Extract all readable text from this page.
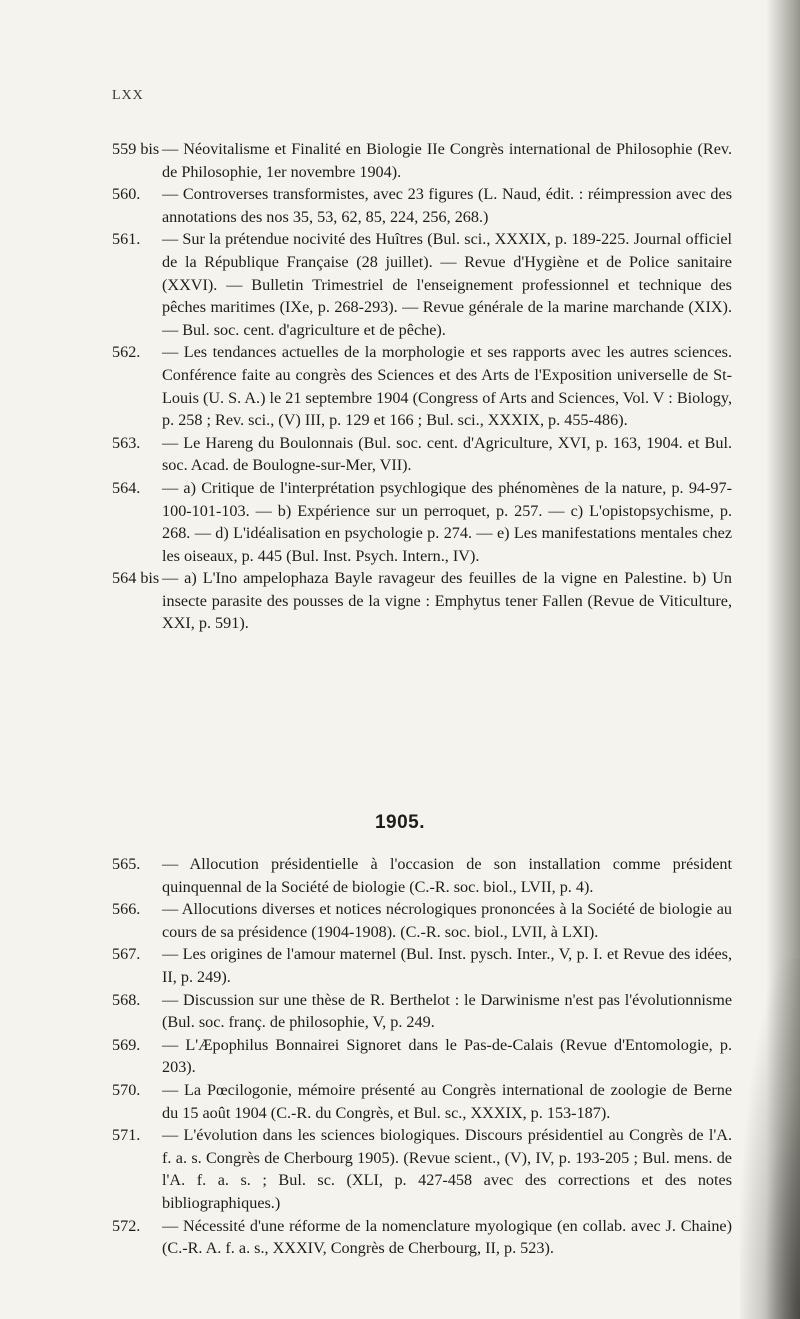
LXX
559 bis — Néovitalisme et Finalité en Biologie IIe Congrès international de Philosophie (Rev. de Philosophie, 1er novembre 1904).
560. — Controverses transformistes, avec 23 figures (L. Naud, édit. : réimpression avec des annotations des nos 35, 53, 62, 85, 224, 256, 268.)
561. — Sur la prétendue nocivité des Huîtres (Bul. sci., XXXIX, p. 189-225. Journal officiel de la République Française (28 juillet). — Revue d'Hygiène et de Police sanitaire (XXVI). — Bulletin Trimestriel de l'enseignement professionnel et technique des pêches maritimes (IXe, p. 268-293). — Revue générale de la marine marchande (XIX). — Bul. soc. cent. d'agriculture et de pêche).
562. — Les tendances actuelles de la morphologie et ses rapports avec les autres sciences. Conférence faite au congrès des Sciences et des Arts de l'Exposition universelle de St-Louis (U. S. A.) le 21 septembre 1904 (Congress of Arts and Sciences, Vol. V : Biology, p. 258 ; Rev. sci., (V) III, p. 129 et 166 ; Bul. sci., XXXIX, p. 455-486).
563. — Le Hareng du Boulonnais (Bul. soc. cent. d'Agriculture, XVI, p. 163, 1904. et Bul. soc. Acad. de Boulogne-sur-Mer, VII).
564. — a) Critique de l'interprétation psychlogique des phénomènes de la nature, p. 94-97-100-101-103. — b) Expérience sur un perroquet, p. 257. — c) L'opistopsychisme, p. 268. — d) L'idéalisation en psychologie p. 274. — e) Les manifestations mentales chez les oiseaux, p. 445 (Bul. Inst. Psych. Intern., IV).
564 bis — a) L'Ino ampelophaza Bayle ravageur des feuilles de la vigne en Palestine. b) Un insecte parasite des pousses de la vigne : Emphytus tener Fallen (Revue de Viticulture, XXI, p. 591).
1905.
565. — Allocution présidentielle à l'occasion de son installation comme président quinquennal de la Société de biologie (C.-R. soc. biol., LVII, p. 4).
566. — Allocutions diverses et notices nécrologiques prononcées à la Société de biologie au cours de sa présidence (1904-1908). (C.-R. soc. biol., LVII, à LXI).
567. — Les origines de l'amour maternel (Bul. Inst. pysch. Inter., V, p. I. et Revue des idées, II, p. 249).
568. — Discussion sur une thèse de R. Berthelot : le Darwinisme n'est pas l'évolutionnisme (Bul. soc. franç. de philosophie, V, p. 249.
569. — L'Æpophilus Bonnairei Signoret dans le Pas-de-Calais (Revue d'Entomologie, p. 203).
570. — La Pœcilogonie, mémoire présenté au Congrès international de zoologie de Berne du 15 août 1904 (C.-R. du Congrès, et Bul. sc., XXXIX, p. 153-187).
571. — L'évolution dans les sciences biologiques. Discours présidentiel au Congrès de l'A. f. a. s. Congrès de Cherbourg 1905). (Revue scient., (V), IV, p. 193-205 ; Bul. mens. de l'A. f. a. s. ; Bul. sc. (XLI, p. 427-458 avec des corrections et des notes bibliographiques.)
572. — Nécessité d'une réforme de la nomenclature myologique (en collab. avec J. Chaine) (C.-R. A. f. a. s., XXXIV, Congrès de Cherbourg, II, p. 523).
